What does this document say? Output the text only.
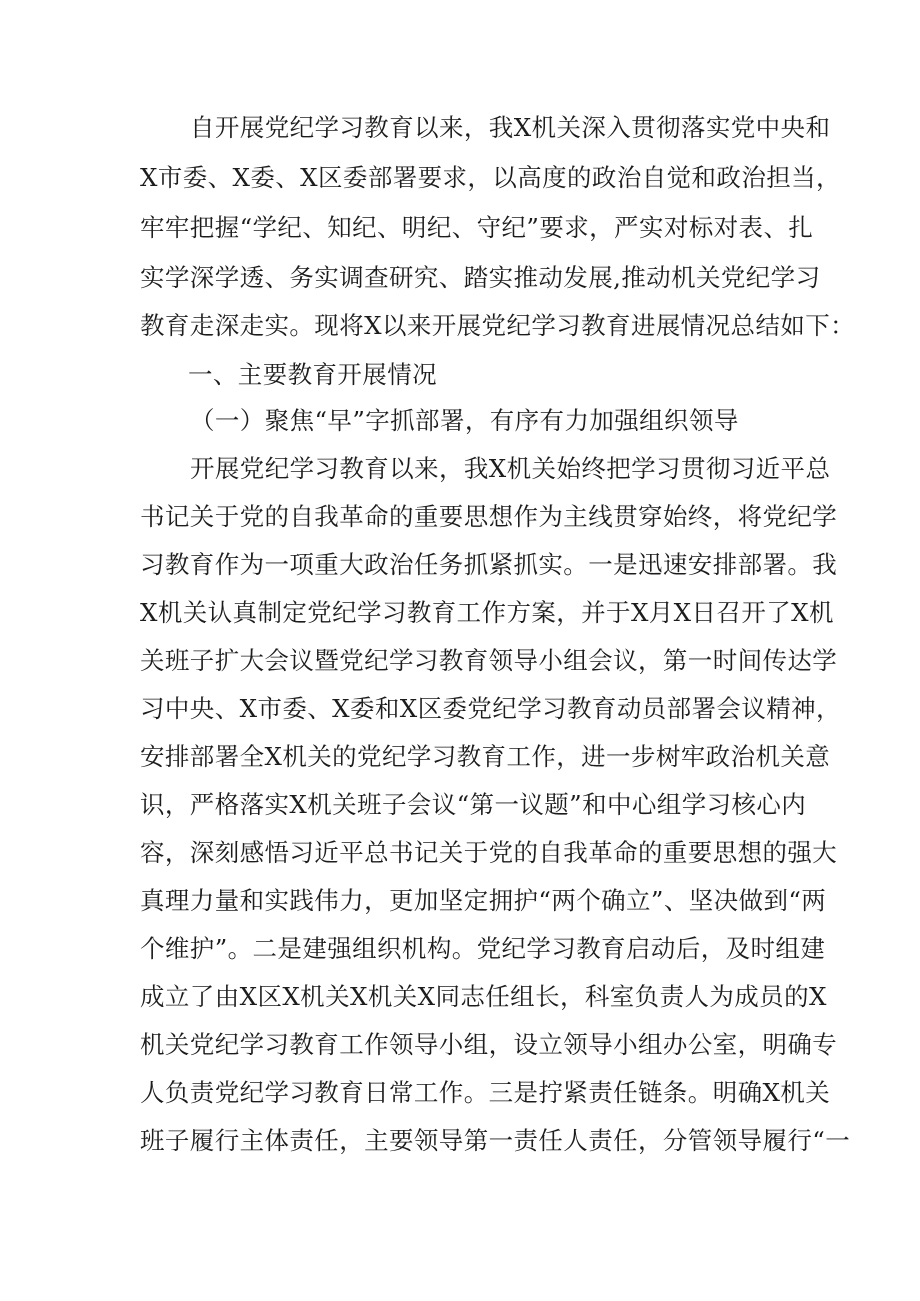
自开展党纪学习教育以来，我X机关深入贯彻落实党中央和
X市委、X委、X区委部署要求，以高度的政治自觉和政治担当，
牢牢把握“学纪、知纪、明纪、守纪”要求，严实对标对表、扎
实学深学透、务实调查研究、踏实推动发展,推动机关党纪学习
教育走深走实。现将X以来开展党纪学习教育进展情况总结如下：
一、主要教育开展情况
（一）聚焦“早”字抓部署，有序有力加强组织领导
开展党纪学习教育以来，我X机关始终把学习贯彻习近平总
书记关于党的自我革命的重要思想作为主线贯穿始终，将党纪学
习教育作为一项重大政治任务抓紧抓实。一是迅速安排部署。我
X机关认真制定党纪学习教育工作方案，并于X月X日召开了X机
关班子扩大会议暨党纪学习教育领导小组会议，第一时间传达学
习中央、X市委、X委和X区委党纪学习教育动员部署会议精神，
安排部署全X机关的党纪学习教育工作，进一步树牢政治机关意
识，严格落实X机关班子会议“第一议题”和中心组学习核心内
容，深刻感悟习近平总书记关于党的自我革命的重要思想的强大
真理力量和实践伟力，更加坚定拥护“两个确立”、坚决做到“两
个维护”。二是建强组织机构。党纪学习教育启动后，及时组建
成立了由X区X机关X机关X同志任组长，科室负责人为成员的X
机关党纪学习教育工作领导小组，设立领导小组办公室，明确专
人负责党纪学习教育日常工作。三是拧紧责任链条。明确X机关
班子履行主体责任，主要领导第一责任人责任，分管领导履行“一
